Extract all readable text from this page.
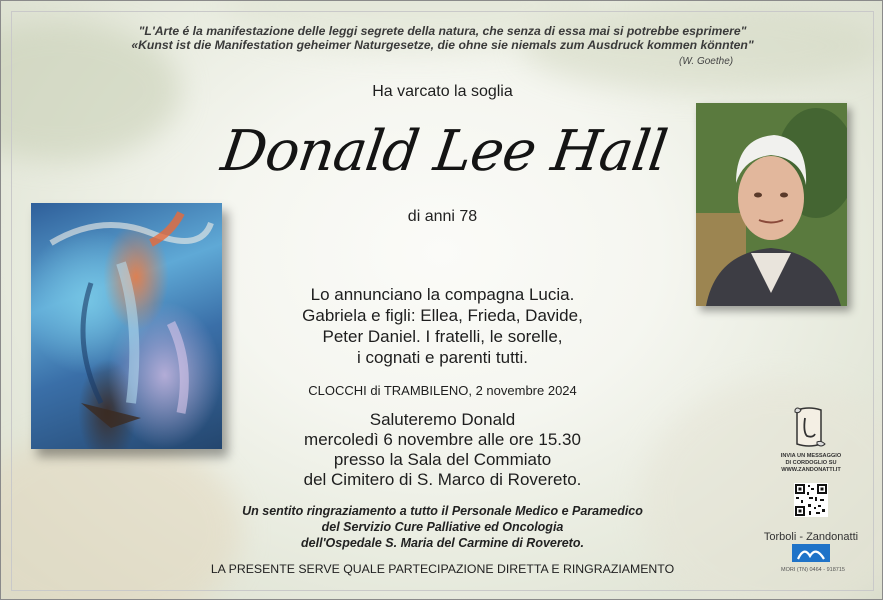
"L'Arte é la manifestazione delle leggi segrete della natura, che senza di essa mai si potrebbe esprimere"
«Kunst ist die Manifestation geheimer Naturgesetze, die ohne sie niemals zum Ausdruck kommen könnten"
(W. Goethe)
Ha varcato la soglia
Donald Lee Hall
di anni 78
Lo annunciano la compagna Lucia.
Gabriela e figli: Ellea, Frieda, Davide,
Peter Daniel. I fratelli, le sorelle,
i cognati e parenti tutti.
CLOCCHI di TRAMBILENO, 2 novembre 2024
Saluteremo Donald
mercoledì 6 novembre alle ore 15.30
presso la Sala del Commiato
del Cimitero di S. Marco di Rovereto.
Un sentito ringraziamento a tutto il Personale Medico e Paramedico
del Servizio Cure Palliative ed Oncologia
dell'Ospedale S. Maria del Carmine di Rovereto.
LA PRESENTE SERVE QUALE PARTECIPAZIONE DIRETTA E RINGRAZIAMENTO
INVIA UN MESSAGGIO
DI CORDOGLIO SU
WWW.ZANDONATTI.IT
Torboli - Zandonatti
MORI (TN) 0464 - 918715
